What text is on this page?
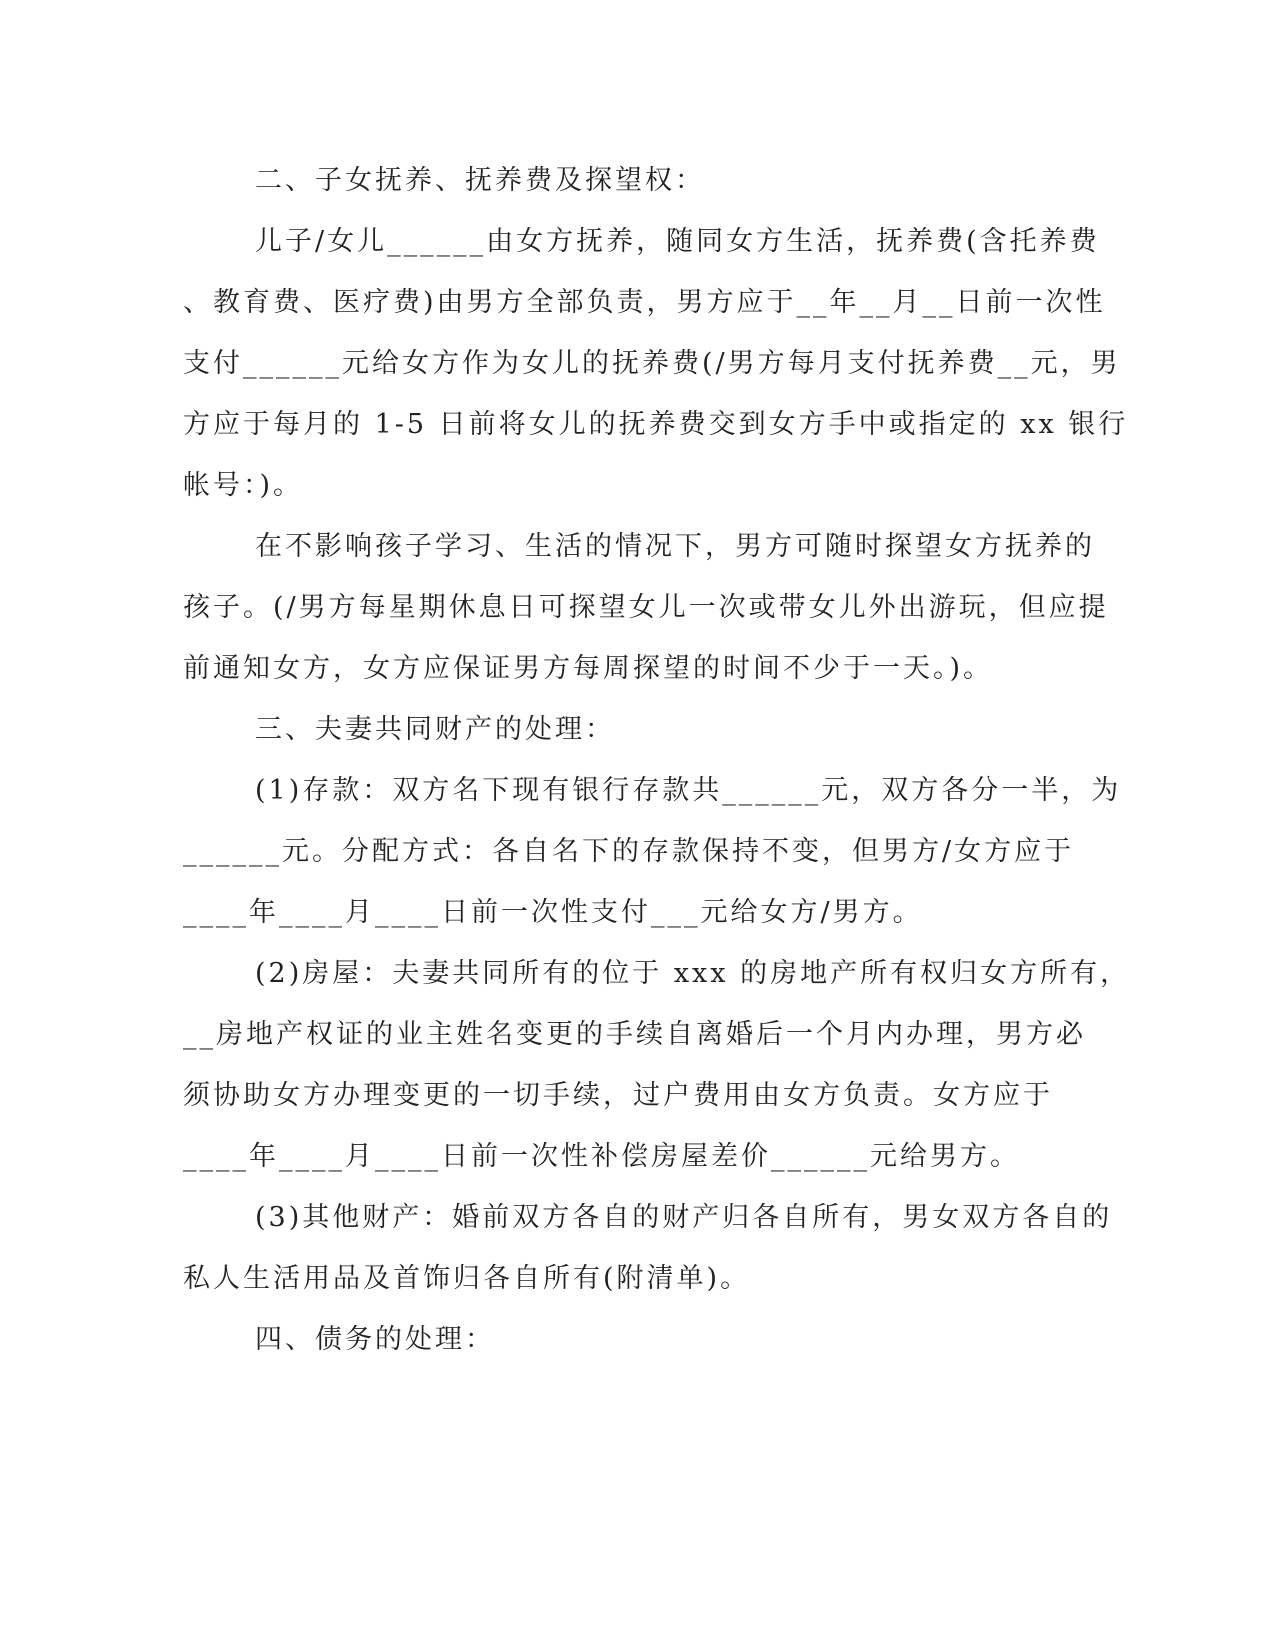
二、子女抚养、抚养费及探望权：
儿子/女儿______由女方抚养，随同女方生活，抚养费(含托养费
、教育费、医疗费)由男方全部负责，男方应于__年__月__日前一次性
支付______元给女方作为女儿的抚养费(/男方每月支付抚养费__元，男
方应于每月的 1-5 日前将女儿的抚养费交到女方手中或指定的 xx 银行
帐号：)。
在不影响孩子学习、生活的情况下，男方可随时探望女方抚养的
孩子。(/男方每星期休息日可探望女儿一次或带女儿外出游玩，但应提
前通知女方，女方应保证男方每周探望的时间不少于一天。)。
三、夫妻共同财产的处理：
(1)存款：双方名下现有银行存款共______元，双方各分一半，为
______元。分配方式：各自名下的存款保持不变，但男方/女方应于
____年____月____日前一次性支付___元给女方/男方。
(2)房屋：夫妻共同所有的位于 xxx 的房地产所有权归女方所有，
__房地产权证的业主姓名变更的手续自离婚后一个月内办理，男方必
须协助女方办理变更的一切手续，过户费用由女方负责。女方应于
____年____月____日前一次性补偿房屋差价______元给男方。
(3)其他财产：婚前双方各自的财产归各自所有，男女双方各自的
私人生活用品及首饰归各自所有(附清单)。
四、债务的处理：
